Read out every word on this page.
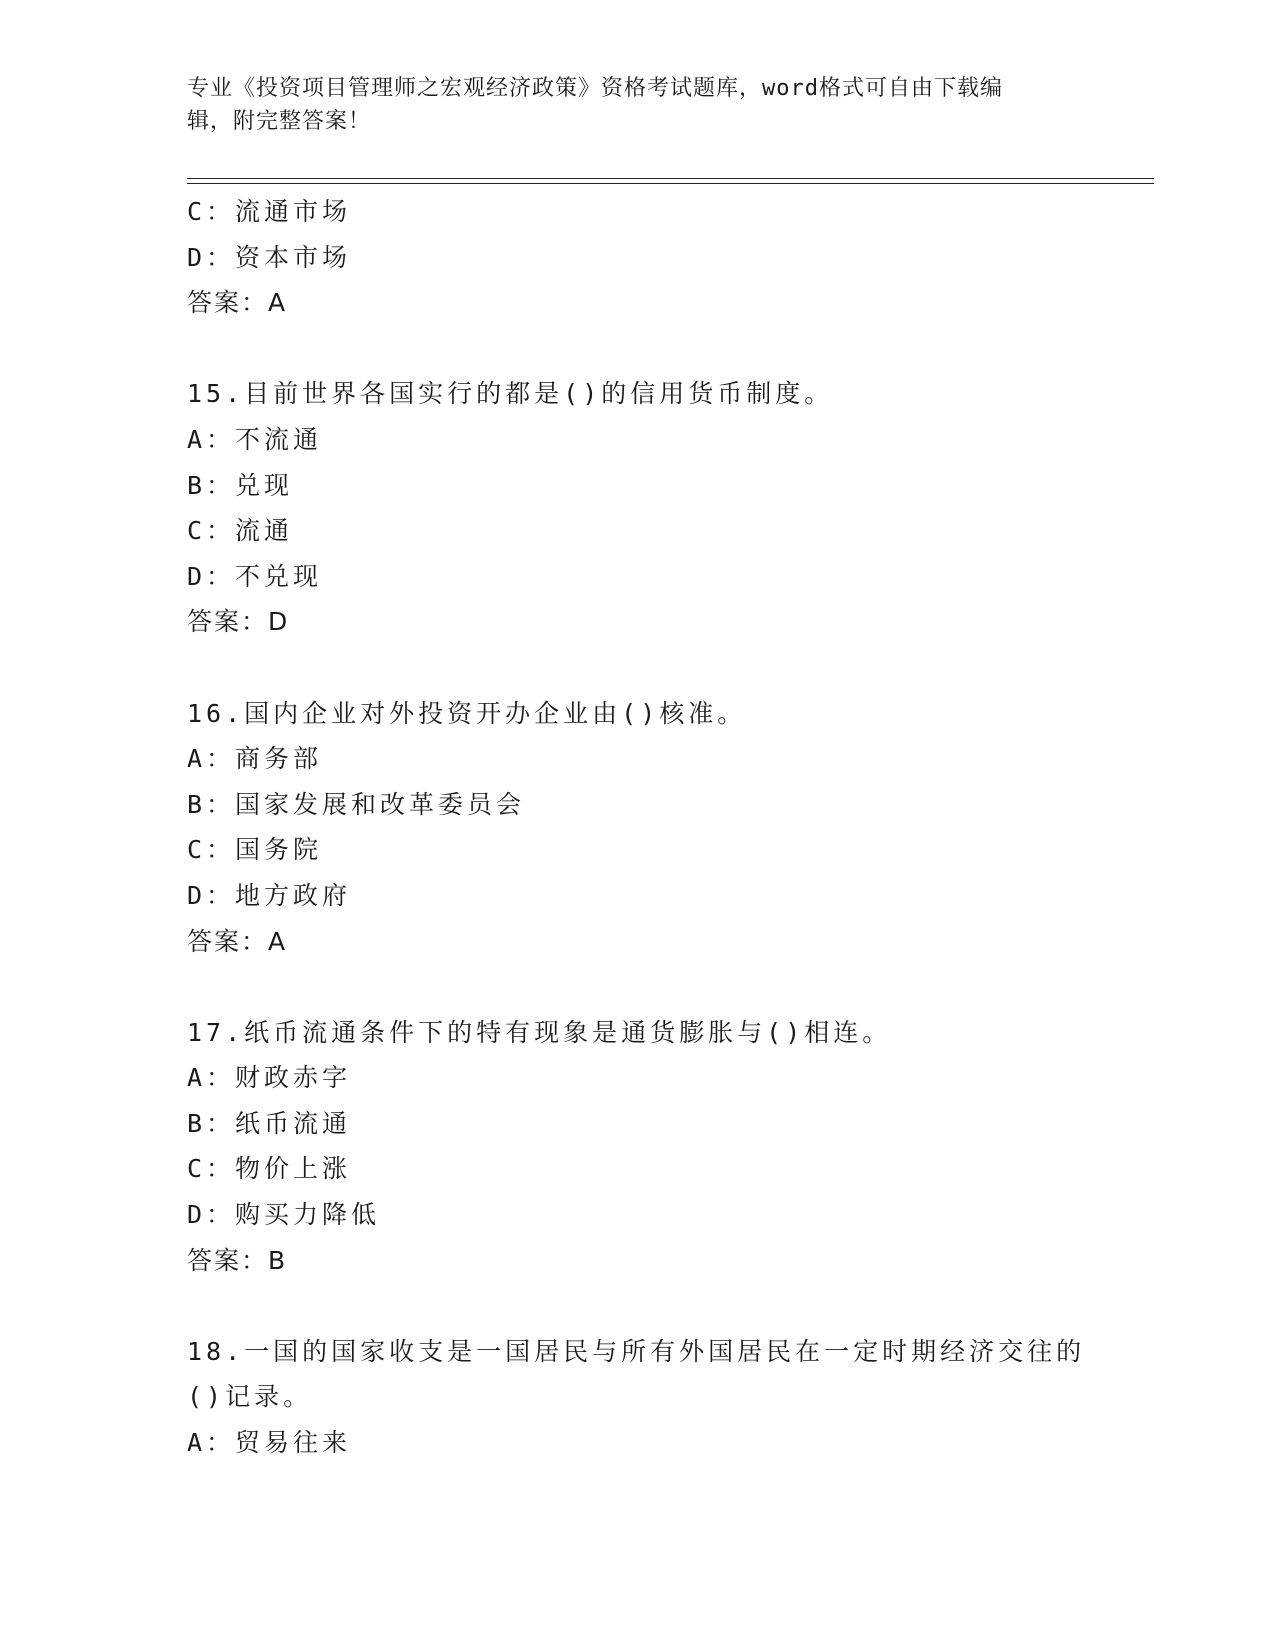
专业《投资项目管理师之宏观经济政策》资格考试题库，word格式可自由下载编
辑，附完整答案！
C：流通市场
D：资本市场
答案：A
15.目前世界各国实行的都是()的信用货币制度。
A：不流通
B：兑现
C：流通
D：不兑现
答案：D
16.国内企业对外投资开办企业由()核准。
A：商务部
B：国家发展和改革委员会
C：国务院
D：地方政府
答案：A
17.纸币流通条件下的特有现象是通货膨胀与()相连。
A：财政赤字
B：纸币流通
C：物价上涨
D：购买力降低
答案：B
18.一国的国家收支是一国居民与所有外国居民在一定时期经济交往的
()记录。
A：贸易往来
